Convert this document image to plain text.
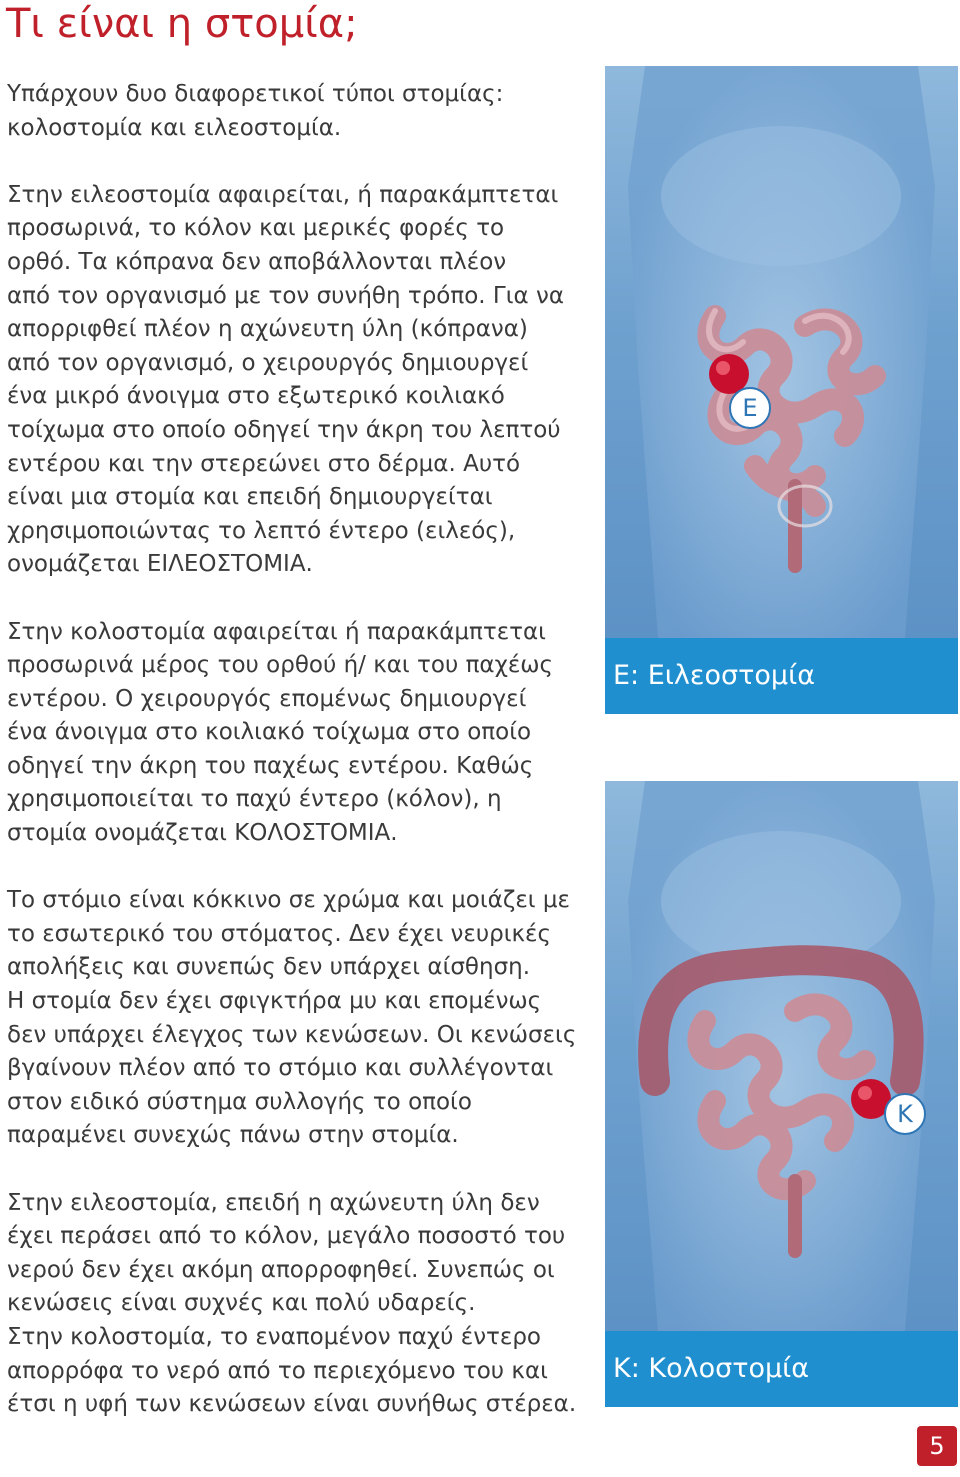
Τι είναι η στομία;

Υπάρχουν δυο διαφορετικοί τύποι στομίας:
κολοστομία και ειλεοστομία.

Στην ειλεοστομία αφαιρείται, ή παρακάμπτεται
προσωρινά, το κόλον και μερικές φορές το
ορθό. Τα κόπρανα δεν αποβάλλονται πλέον
από τον οργανισμό με τον συνήθη τρόπο. Για να
απορριφθεί πλέον η αχώνευτη ύλη (κόπρανα)
από τον οργανισμό, ο χειρουργός δημιουργεί
ένα μικρό άνοιγμα στο εξωτερικό κοιλιακό
τοίχωμα στο οποίο οδηγεί την άκρη του λεπτού
εντέρου και την στερεώνει στο δέρμα. Αυτό
είναι μια στομία και επειδή δημιουργείται
χρησιμοποιώντας το λεπτό έντερο (ειλεός),
ονομάζεται ΕΙΛΕΟΣΤΟΜΙΑ.

Στην κολοστομία αφαιρείται ή παρακάμπτεται
προσωρινά μέρος του ορθού ή/ και του παχέως
εντέρου. Ο χειρουργός επομένως δημιουργεί
ένα άνοιγμα στο κοιλιακό τοίχωμα στο οποίο
οδηγεί την άκρη του παχέως εντέρου. Καθώς
χρησιμοποιείται το παχύ έντερο (κόλον), η
στομία ονομάζεται ΚΟΛΟΣΤΟΜΙΑ.

Το στόμιο είναι κόκκινο σε χρώμα και μοιάζει με
το εσωτερικό του στόματος. Δεν έχει νευρικές
απολήξεις και συνεπώς δεν υπάρχει αίσθηση.
Η στομία δεν έχει σφιγκτήρα μυ και επομένως
δεν υπάρχει έλεγχος των κενώσεων. Οι κενώσεις
βγαίνουν πλέον από το στόμιο και συλλέγονται
στον ειδικό σύστημα συλλογής το οποίο
παραμένει συνεχώς πάνω στην στομία.

Στην ειλεοστομία, επειδή η αχώνευτη ύλη δεν
έχει περάσει από το κόλον, μεγάλο ποσοστό του
νερού δεν έχει ακόμη απορροφηθεί. Συνεπώς οι
κενώσεις είναι συχνές και πολύ υδαρείς.
Στην κολοστομία, το εναπομένον παχύ έντερο
απορρόφα το νερό από το περιεχόμενο του και
έτσι η υφή των κενώσεων είναι συνήθως στέρεα.

Ε
Ε: Ειλεοστομία
Κ
Κ: Κολοστομία
5
